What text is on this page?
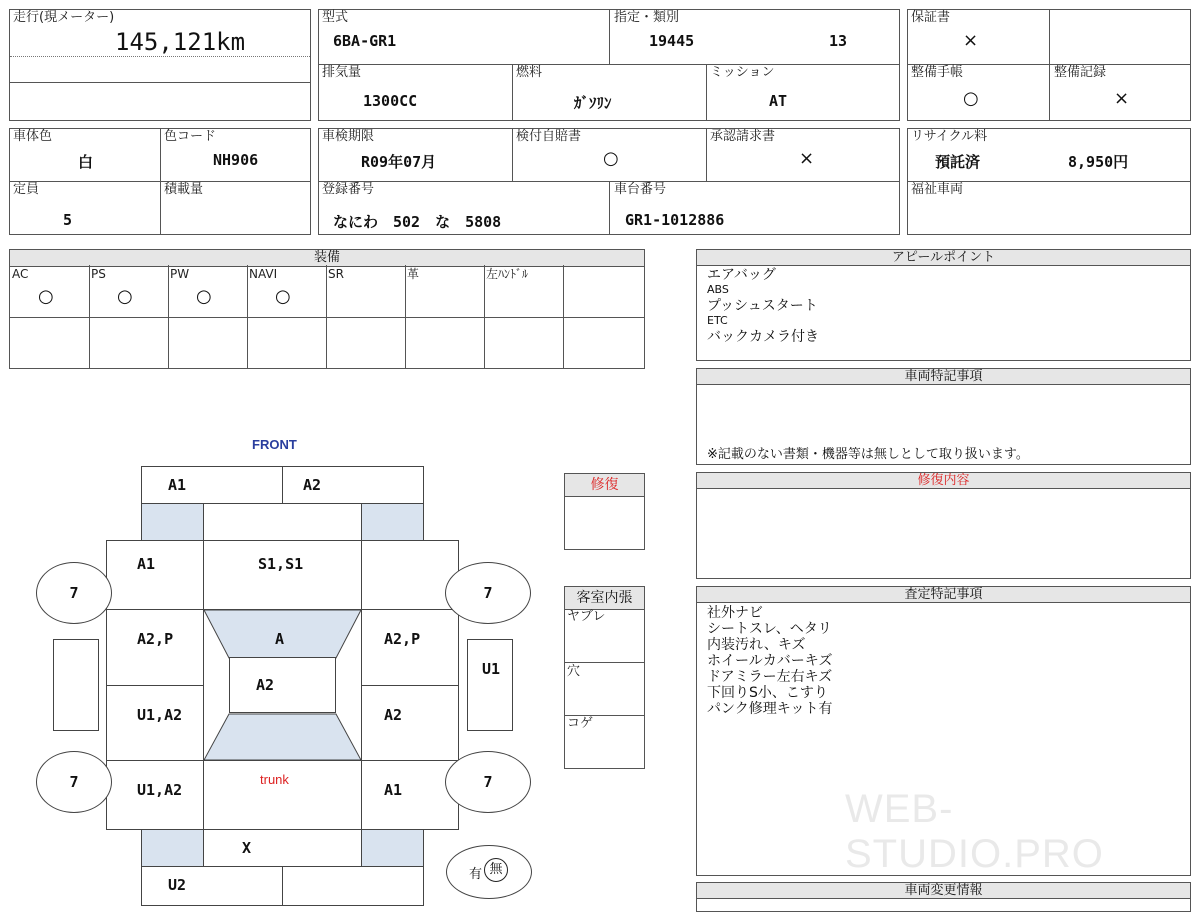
走行(現メーター)
145,121km
型式
6BA-GR1
指定・類別
19445	13
排気量
1300CC
燃料
ｶﾞｿﾘﾝ
ミッション
AT
保証書
×
整備手帳
○
整備記録
×
車体色
白
色コード
NH906
定員
5
積載量
車検期限
R09年07月
検付自賠書
○
承認請求書
×
登録番号
なにわ　502　な　5808
車台番号
GR1-1012886
リサイクル料
預託済	8,950円
福祉車両
装備
AC
○
PS
○
PW
○
NAVI
○
SR	革	左ﾊﾝﾄﾞﾙ
アピールポイント
エアバッグ
ABS
プッシュスタート
ETC
バックカメラ付き
車両特記事項
※記載のない書類・機器等は無しとして取り扱います。
修復内容
査定特記事項
社外ナビ
シートスレ、ヘタリ
内装汚れ、キズ
ホイールカバーキズ
ドアミラー左右キズ
下回りS小、こすり
パンク修理キット有
WEB-STUDIO.PRO
車両変更情報
修復
客室内張
ヤブレ
穴
コゲ
FRONT
A1	A2
A1
A2,P
U1,A2
U1,A2
S1,S1
A
A2
trunk
A2,P
A2
A1
U1
X
U2
7	7
7	7
有 無
